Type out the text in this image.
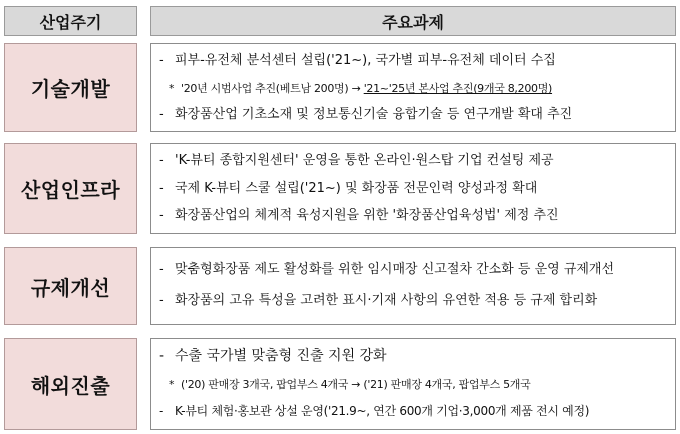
산업주기	주요과제
기술개발
- 피부-유전체 분석센터 설립('21~), 국가별 피부-유전체 데이터 수집
* '20년 시범사업 추진(베트남 200명) → '21~'25년 본사업 추진(9개국 8,200명)
- 화장품산업 기초소재 및 정보통신기술 융합기술 등 연구개발 확대 추진
산업인프라
- 'K-뷰티 종합지원센터' 운영을 통한 온라인·원스탑 기업 컨설팅 제공
- 국제 K-뷰티 스쿨 설립('21~) 및 화장품 전문인력 양성과정 확대
- 화장품산업의 체계적 육성지원을 위한 '화장품산업육성법' 제정 추진
규제개선
- 맞춤형화장품 제도 활성화를 위한 임시매장 신고절차 간소화 등 운영 규제개선
- 화장품의 고유 특성을 고려한 표시·기재 사항의 유연한 적용 등 규제 합리화
해외진출
- 수출 국가별 맞춤형 진출 지원 강화
* ('20) 판매장 3개국, 팝업부스 4개국 → ('21) 판매장 4개국, 팝업부스 5개국
- K-뷰티 체험·홍보관 상설 운영('21.9~, 연간 600개 기업·3,000개 제품 전시 예정)
